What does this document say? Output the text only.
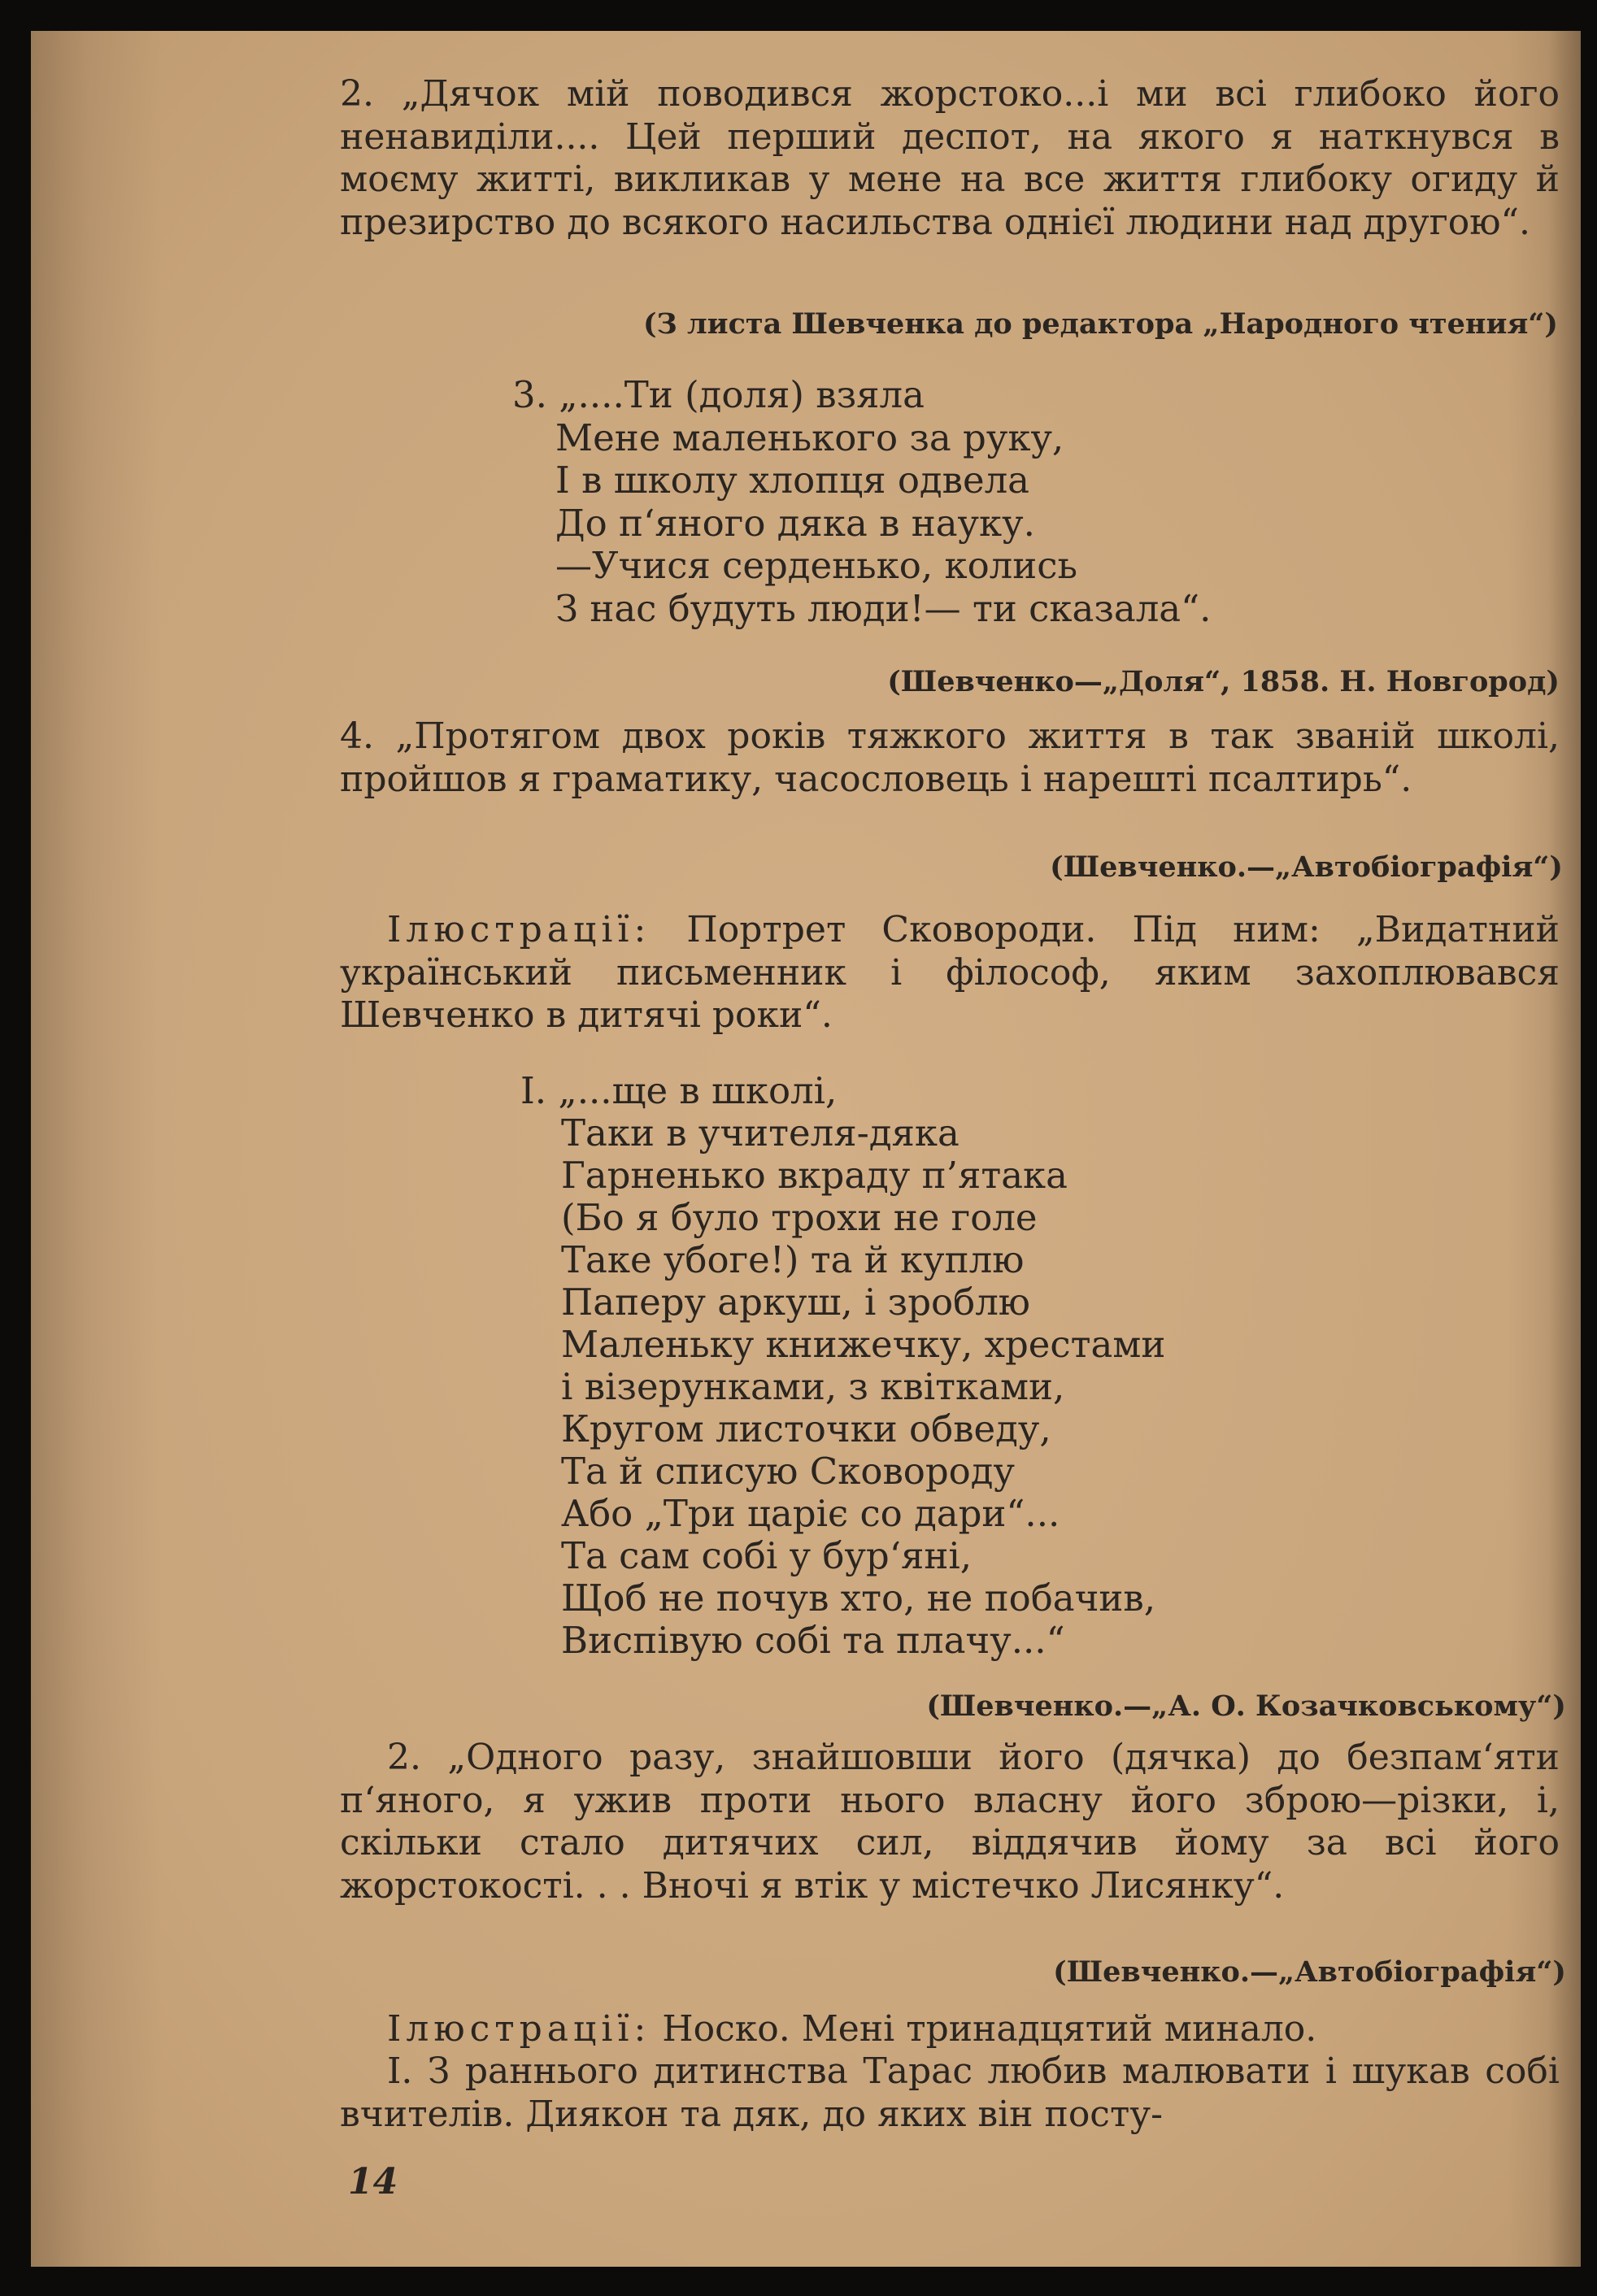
2. „Дячок мій поводився жорстоко...і ми всі глибоко його ненавиділи.... Цей перший деспот, на якого я наткнувся в моєму житті, викликав у мене на все життя глибоку огиду й презирство до всякого насильства однієї людини над другою“.
(З листа Шевченка до редактора „Народного чтения“)
3. „....Ти (доля) взяла
Мене маленького за руку,
І в школу хлопця одвела
До п‘яного дяка в науку.
—Учися серденько, колись
З нас будуть люди!— ти сказала“.
(Шевченко—„Доля“, 1858. Н. Новгород)
4. „Протягом двох років тяжкого життя в так званій школі, пройшов я граматику, часословець і нарешті псалтирь“.
(Шевченко.—„Автобіографія“)
Ілюстрації: Портрет Сковороди. Під ним: „Видатний український письменник і філософ, яким захоплювався Шевченко в дитячі роки“.
І. „...ще в школі,
Таки в учителя-дяка
Гарненько вкраду п’ятака
(Бо я було трохи не голе
Таке убоге!) та й куплю
Паперу аркуш, і зроблю
Маленьку книжечку, хрестами
і візерунками, з квітками,
Кругом листочки обведу,
Та й списую Сковороду
Або „Три царіє со дари“...
Та сам собі у бур‘яні,
Щоб не почув хто, не побачив,
Виспівую собі та плачу...“
(Шевченко.—„А. О. Козачковському“)
2. „Одного разу, знайшовши його (дячка) до безпам‘яти п‘яного, я ужив проти нього власну його зброю—різки, і, скільки стало дитячих сил, віддячив йому за всі його жорстокості. . . Вночі я втік у містечко Лисянку“.
(Шевченко.—„Автобіографія“)
Ілюстрації: Носко. Мені тринадцятий минало.
І. З раннього дитинства Тарас любив малювати і шукав собі вчителів. Диякон та дяк, до яких він посту-
14
